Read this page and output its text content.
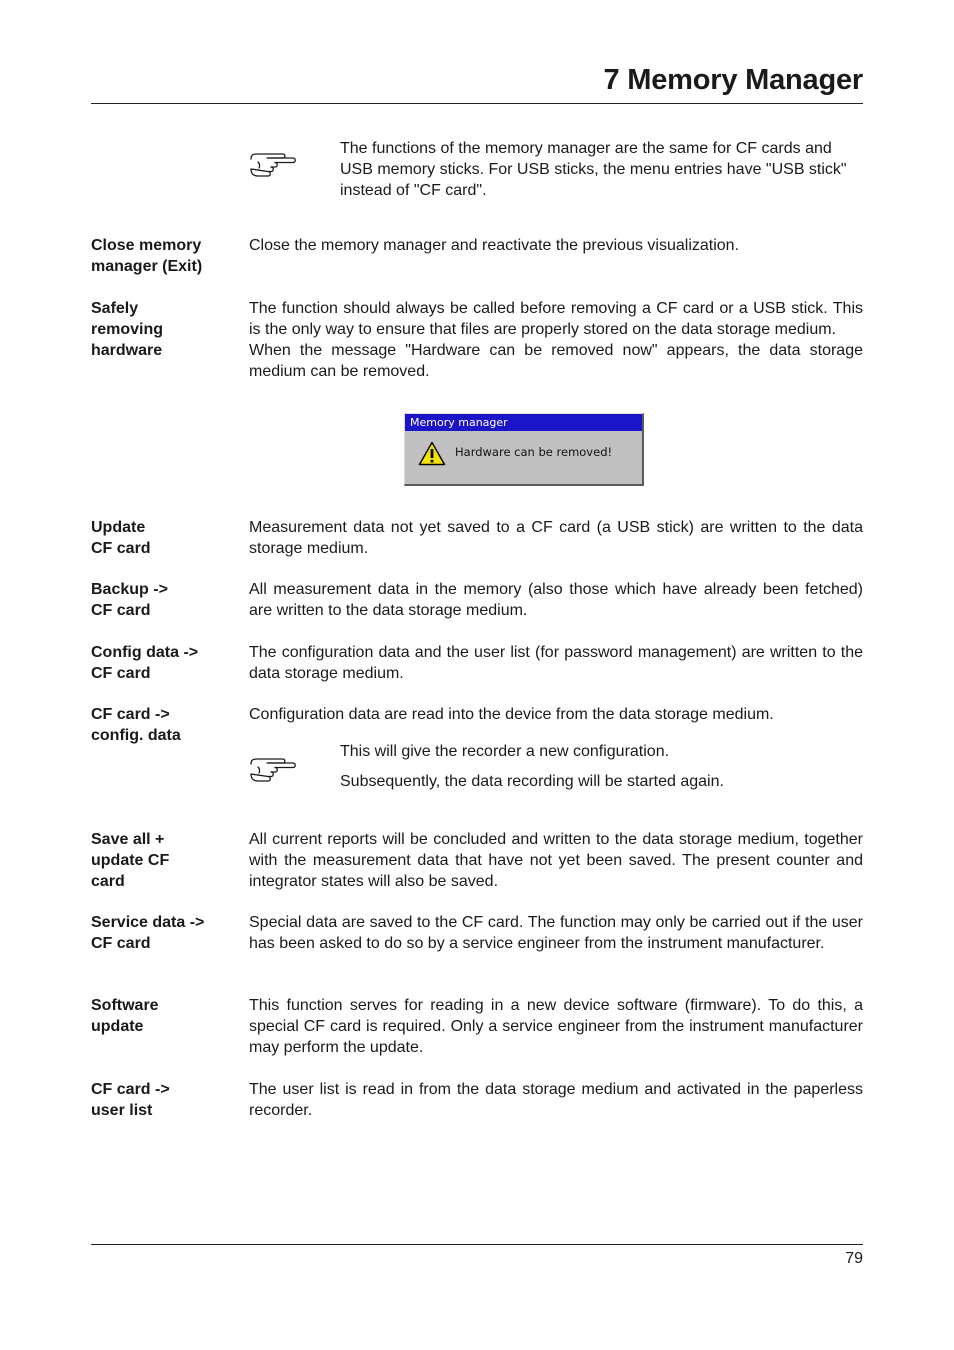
7 Memory Manager

The functions of the memory manager are the same for CF cards and USB memory sticks. For USB sticks, the menu entries have "USB stick" instead of "CF card".

Close memory
manager (Exit)

Close the memory manager and reactivate the previous visualization.

Safely
removing
hardware

The function should always be called before removing a CF card or a USB stick. This is the only way to ensure that files are properly stored on the data storage medium.

When the message "Hardware can be removed now" appears, the data storage medium can be removed.

Memory manager
Hardware can be removed!
Update
CF card

Measurement data not yet saved to a CF card (a USB stick) are written to the data storage medium.

Backup ->
CF card

All measurement data in the memory (also those which have already been fetched) are written to the data storage medium.

Config data ->
CF card

The configuration data and the user list (for password management) are written to the data storage medium.

CF card ->
config. data

Configuration data are read into the device from the data storage medium.

This will give the recorder a new configuration.

Subsequently, the data recording will be started again.

Save all +
update CF
card

All current reports will be concluded and written to the data storage medium, together with the measurement data that have not yet been saved. The present counter and integrator states will also be saved.

Service data ->
CF card

Special data are saved to the CF card. The function may only be carried out if the user has been asked to do so by a service engineer from the instrument manufacturer.

Software
update

This function serves for reading in a new device software (firmware). To do this, a special CF card is required. Only a service engineer from the instrument manufacturer may perform the update.

CF card ->
user list

The user list is read in from the data storage medium and activated in the paperless recorder.

79
